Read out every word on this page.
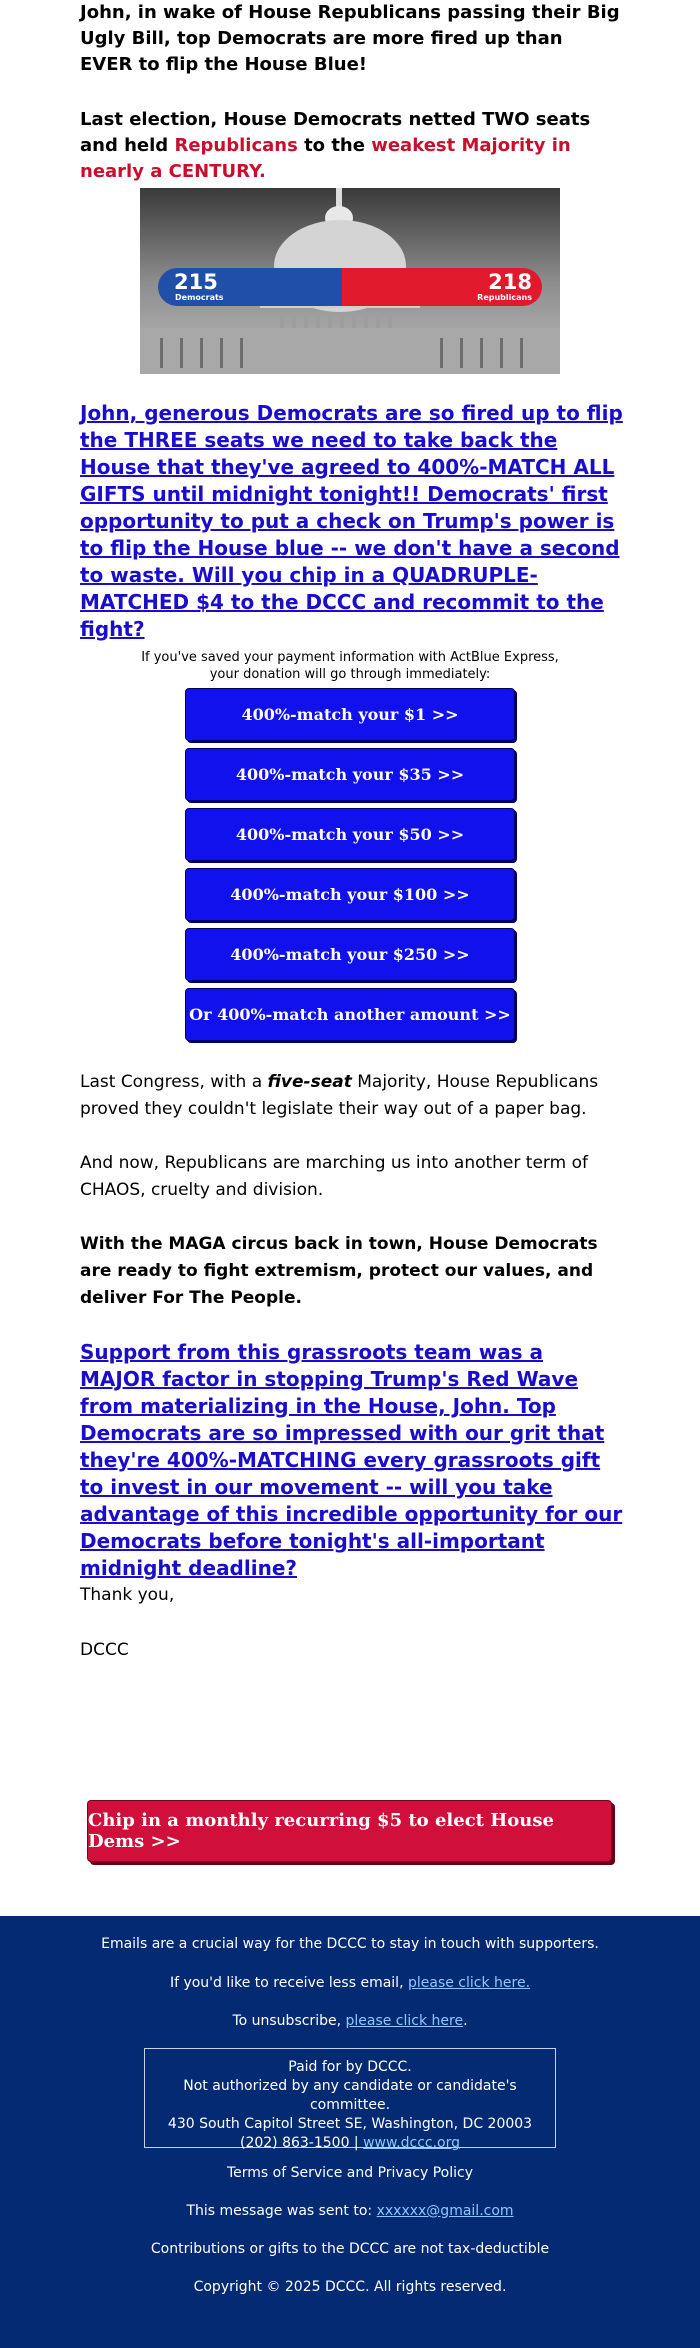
John, in wake of House Republicans passing their Big Ugly Bill, top Democrats are more fired up than EVER to flip the House Blue!

Last election, House Democrats netted TWO seats and held Republicans to the weakest Majority in nearly a CENTURY.

215
Democrats
218
Republicans

John, generous Democrats are so fired up to flip the THREE seats we need to take back the House that they've agreed to 400%-MATCH ALL GIFTS until midnight tonight!! Democrats' first opportunity to put a check on Trump's power is to flip the House blue -- we don't have a second to waste. Will you chip in a QUADRUPLE-MATCHED $4 to the DCCC and recommit to the fight?

If you've saved your payment information with ActBlue Express,
your donation will go through immediately:
400%-match your $1 >>
400%-match your $35 >>
400%-match your $50 >>
400%-match your $100 >>
400%-match your $250 >>
Or 400%-match another amount >>

Last Congress, with a five-seat Majority, House Republicans proved they couldn't legislate their way out of a paper bag.

And now, Republicans are marching us into another term of CHAOS, cruelty and division.

With the MAGA circus back in town, House Democrats are ready to fight extremism, protect our values, and deliver For The People.

Support from this grassroots team was a MAJOR factor in stopping Trump's Red Wave from materializing in the House, John. Top Democrats are so impressed with our grit that they're 400%-MATCHING every grassroots gift to invest in our movement -- will you take advantage of this incredible opportunity for our Democrats before tonight's all-important midnight deadline?

Thank you,

DCCC

Chip in a monthly recurring $5 to elect House Dems >>
Emails are a crucial way for the DCCC to stay in touch with supporters.
If you'd like to receive less email, please click here.
To unsubscribe, please click here.
Paid for by DCCC.
Not authorized by any candidate or candidate's committee.
430 South Capitol Street SE, Washington, DC 20003
(202) 863-1500 | www.dccc.org
Terms of Service and Privacy Policy
This message was sent to: xxxxxx@gmail.com
Contributions or gifts to the DCCC are not tax-deductible
Copyright © 2025 DCCC. All rights reserved.
